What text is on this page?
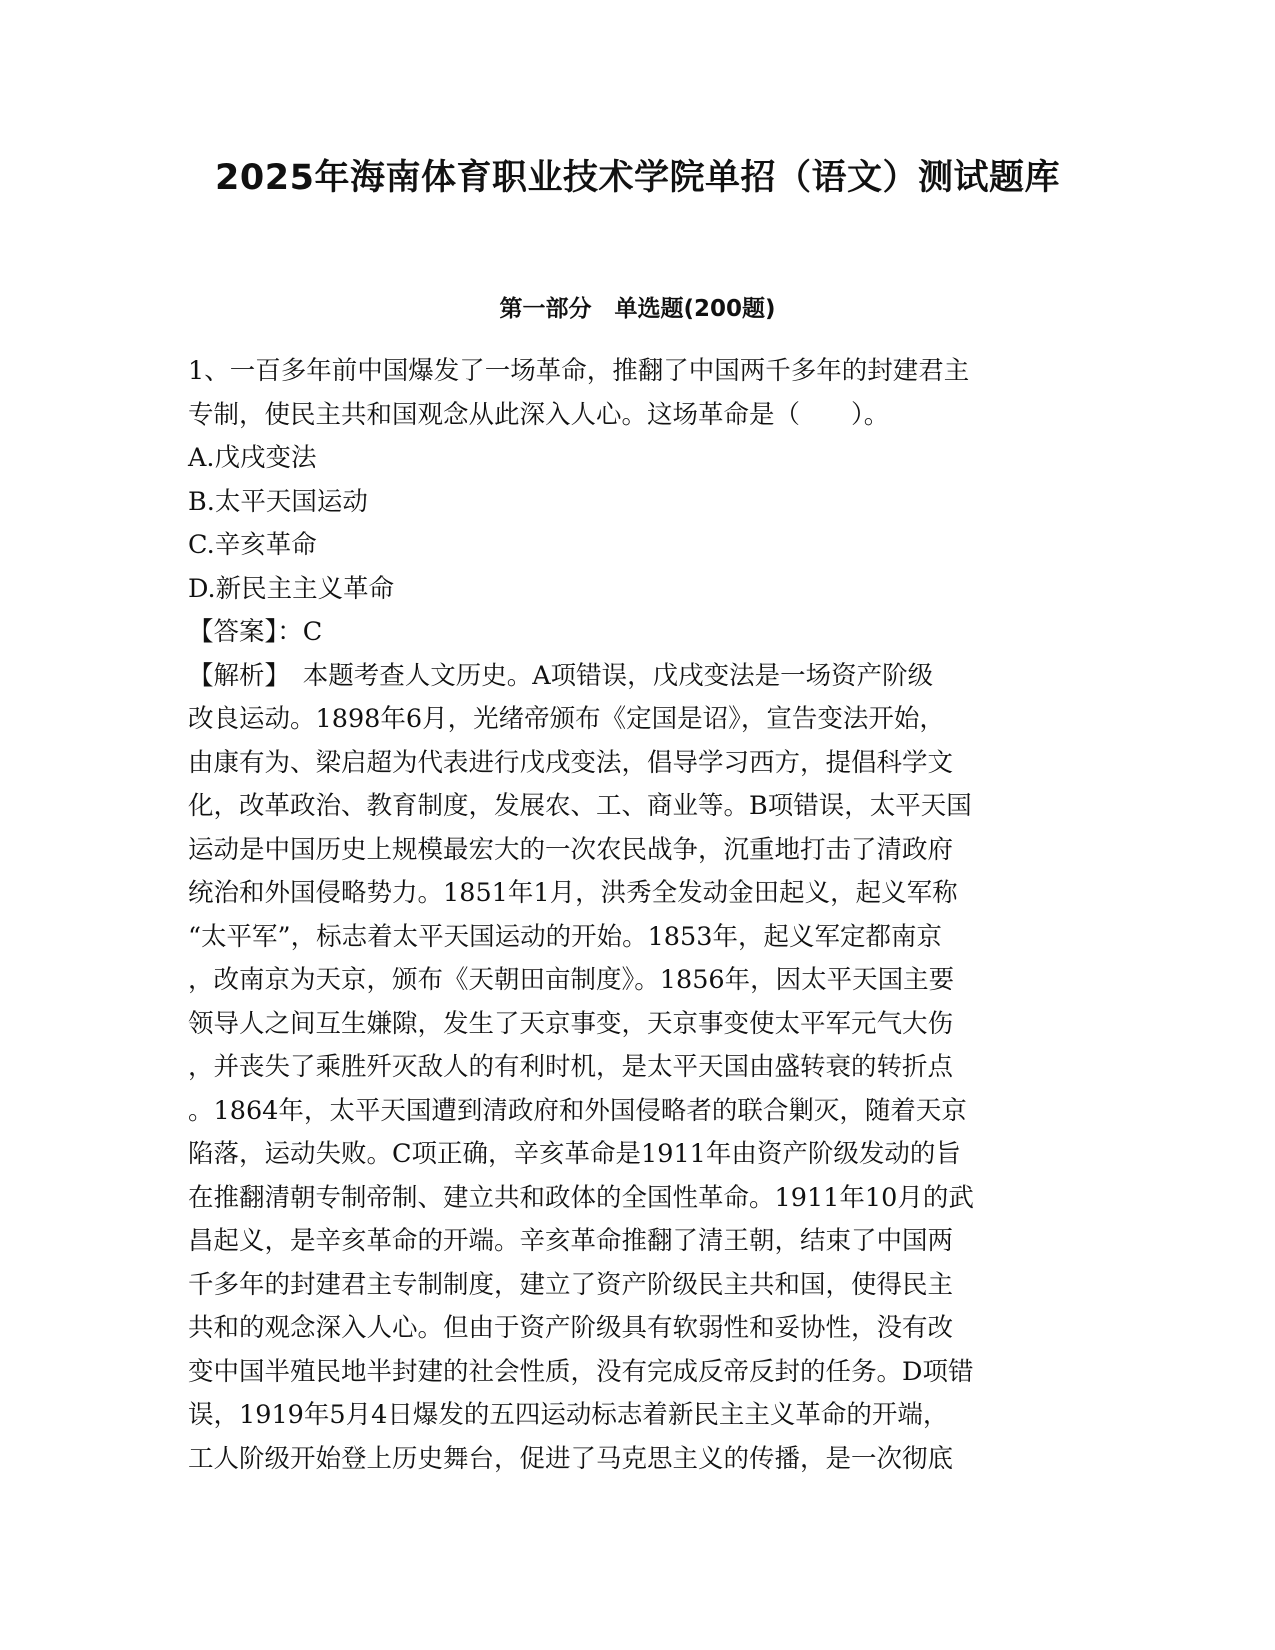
2025年海南体育职业技术学院单招（语文）测试题库
第一部分　单选题(200题)
1、一百多年前中国爆发了一场革命，推翻了中国两千多年的封建君主
专制，使民主共和国观念从此深入人心。这场革命是（　　）。
A.戊戌变法
B.太平天国运动
C.辛亥革命
D.新民主主义革命
【答案】：C
【解析】　本题考查人文历史。A项错误，戊戌变法是一场资产阶级
改良运动。1898年6月，光绪帝颁布《定国是诏》，宣告变法开始，
由康有为、梁启超为代表进行戊戌变法，倡导学习西方，提倡科学文
化，改革政治、教育制度，发展农、工、商业等。B项错误，太平天国
运动是中国历史上规模最宏大的一次农民战争，沉重地打击了清政府
统治和外国侵略势力。1851年1月，洪秀全发动金田起义，起义军称
“太平军”，标志着太平天国运动的开始。1853年，起义军定都南京
，改南京为天京，颁布《天朝田亩制度》。1856年，因太平天国主要
领导人之间互生嫌隙，发生了天京事变，天京事变使太平军元气大伤
，并丧失了乘胜歼灭敌人的有利时机，是太平天国由盛转衰的转折点
。1864年，太平天国遭到清政府和外国侵略者的联合剿灭，随着天京
陷落，运动失败。C项正确，辛亥革命是1911年由资产阶级发动的旨
在推翻清朝专制帝制、建立共和政体的全国性革命。1911年10月的武
昌起义，是辛亥革命的开端。辛亥革命推翻了清王朝，结束了中国两
千多年的封建君主专制制度，建立了资产阶级民主共和国，使得民主
共和的观念深入人心。但由于资产阶级具有软弱性和妥协性，没有改
变中国半殖民地半封建的社会性质，没有完成反帝反封的任务。D项错
误，1919年5月4日爆发的五四运动标志着新民主主义革命的开端，
工人阶级开始登上历史舞台，促进了马克思主义的传播，是一次彻底
